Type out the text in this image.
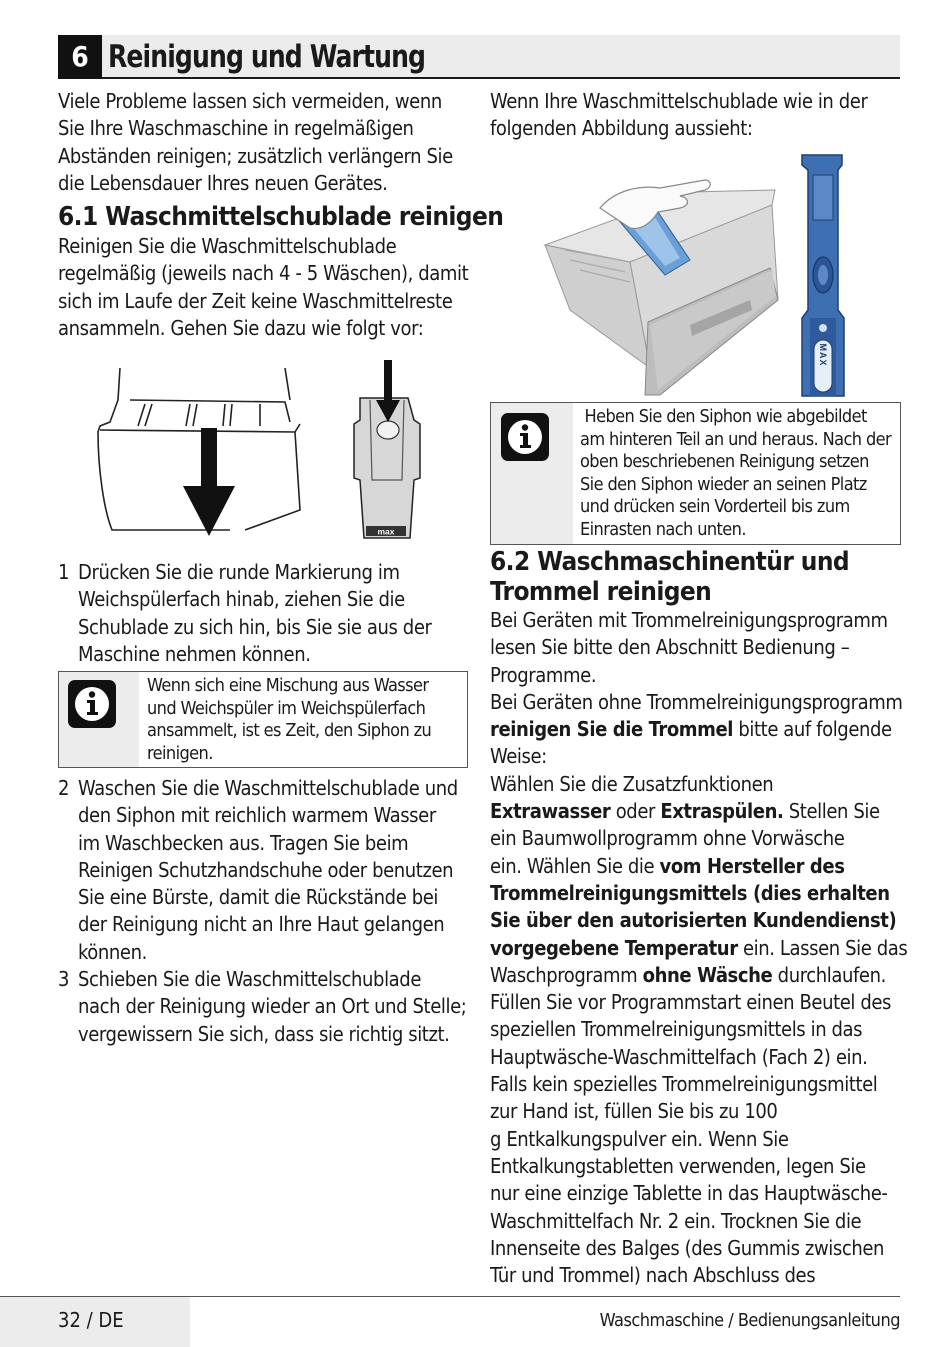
6 Reinigung und Wartung
Viele Probleme lassen sich vermeiden, wenn
Sie Ihre Waschmaschine in regelmäßigen
Abständen reinigen; zusätzlich verlängern Sie
die Lebensdauer Ihres neuen Gerätes.
6.1 Waschmittelschublade reinigen
Reinigen Sie die Waschmittelschublade
regelmäßig (jeweils nach 4 - 5 Wäschen), damit
sich im Laufe der Zeit keine Waschmittelreste
ansammeln. Gehen Sie dazu wie folgt vor:
max
1 Drücken Sie die runde Markierung im
Weichspülerfach hinab, ziehen Sie die
Schublade zu sich hin, bis Sie sie aus der
Maschine nehmen können.
Wenn sich eine Mischung aus Wasser
und Weichspüler im Weichspülerfach
ansammelt, ist es Zeit, den Siphon zu
reinigen.
2 Waschen Sie die Waschmittelschublade und
den Siphon mit reichlich warmem Wasser
im Waschbecken aus. Tragen Sie beim
Reinigen Schutzhandschuhe oder benutzen
Sie eine Bürste, damit die Rückstände bei
der Reinigung nicht an Ihre Haut gelangen
können.
3 Schieben Sie die Waschmittelschublade
nach der Reinigung wieder an Ort und Stelle;
vergewissern Sie sich, dass sie richtig sitzt.
Wenn Ihre Waschmittelschublade wie in der
folgenden Abbildung aussieht:
MAX
Heben Sie den Siphon wie abgebildet
am hinteren Teil an und heraus. Nach der
oben beschriebenen Reinigung setzen
Sie den Siphon wieder an seinen Platz
und drücken sein Vorderteil bis zum
Einrasten nach unten.
6.2 Waschmaschinentür und
Trommel reinigen
Bei Geräten mit Trommelreinigungsprogramm
lesen Sie bitte den Abschnitt Bedienung –
Programme.
Bei Geräten ohne Trommelreinigungsprogramm
reinigen Sie die Trommel bitte auf folgende
Weise:
Wählen Sie die Zusatzfunktionen
Extrawasser oder Extraspülen. Stellen Sie
ein Baumwollprogramm ohne Vorwäsche
ein. Wählen Sie die vom Hersteller des
Trommelreinigungsmittels (dies erhalten
Sie über den autorisierten Kundendienst)
vorgegebene Temperatur ein. Lassen Sie das
Waschprogramm ohne Wäsche durchlaufen.
Füllen Sie vor Programmstart einen Beutel des
speziellen Trommelreinigungsmittels in das
Hauptwäsche-Waschmittelfach (Fach 2) ein.
Falls kein spezielles Trommelreinigungsmittel
zur Hand ist, füllen Sie bis zu 100
g Entkalkungspulver ein. Wenn Sie
Entkalkungstabletten verwenden, legen Sie
nur eine einzige Tablette in das Hauptwäsche-
Waschmittelfach Nr. 2 ein. Trocknen Sie die
Innenseite des Balges (des Gummis zwischen
Tür und Trommel) nach Abschluss des
32 / DE	Waschmaschine / Bedienungsanleitung
